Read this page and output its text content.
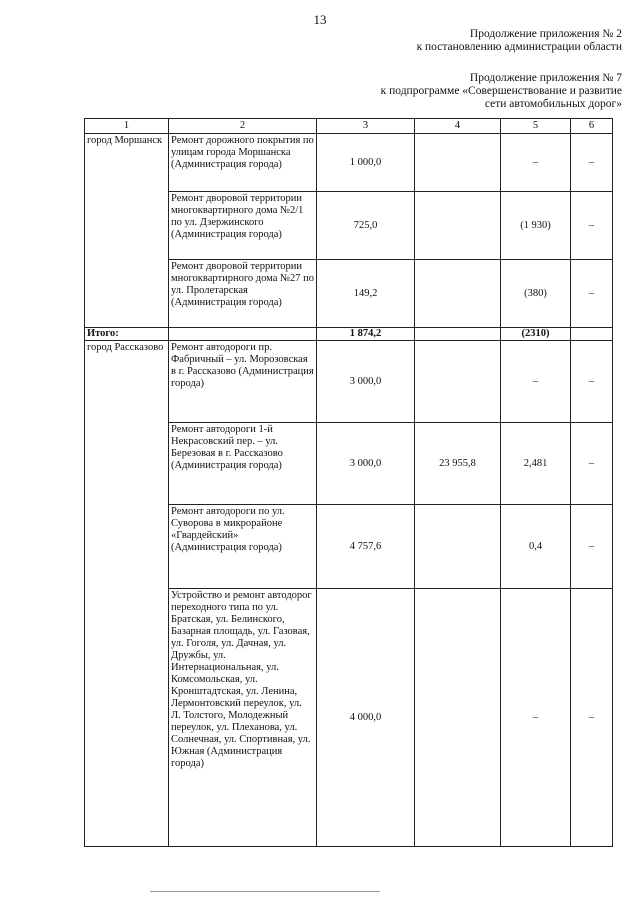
13
Продолжение приложения № 2
к постановлению администрации области
Продолжение приложения № 7
к подпрограмме «Совершенствование и развитие
сети автомобильных дорог»
1	2	3	4	5	6
город Моршанск	Ремонт дорожного покрытия по улицам города Моршанска (Администрация города)	1 000,0		–	–
	Ремонт дворовой территории многоквартирного дома №2/1 по ул. Дзержинского (Администрация города)	725,0		(1 930)	–
	Ремонт дворовой территории многоквартирного дома №27 по ул. Пролетарская (Администрация города)	149,2		(380)	–
Итого:		1 874,2		(2310)	
город Рассказово	Ремонт автодороги пр. Фабричный – ул. Морозовская в г. Рассказово (Администрация города)	3 000,0		–	–
	Ремонт автодороги 1-й Некрасовский пер. – ул. Березовая в г. Рассказово (Администрация города)	3 000,0	23 955,8	2,481	–
	Ремонт автодороги по ул. Суворова в микрорайоне «Гвардейский» (Администрация города)	4 757,6		0,4	–
	Устройство и ремонт автодорог переходного типа по ул. Братская, ул. Белинского, Базарная площадь, ул. Газовая, ул. Гоголя, ул. Дачная, ул. Дружбы, ул. Интернациональная, ул. Комсомольская, ул. Кронштадтская, ул. Ленина, Лермонтовский переулок, ул. Л. Толстого, Молодежный переулок, ул. Плеханова, ул. Солнечная, ул. Спортивная, ул. Южная (Администрация города)	4 000,0		–	–
